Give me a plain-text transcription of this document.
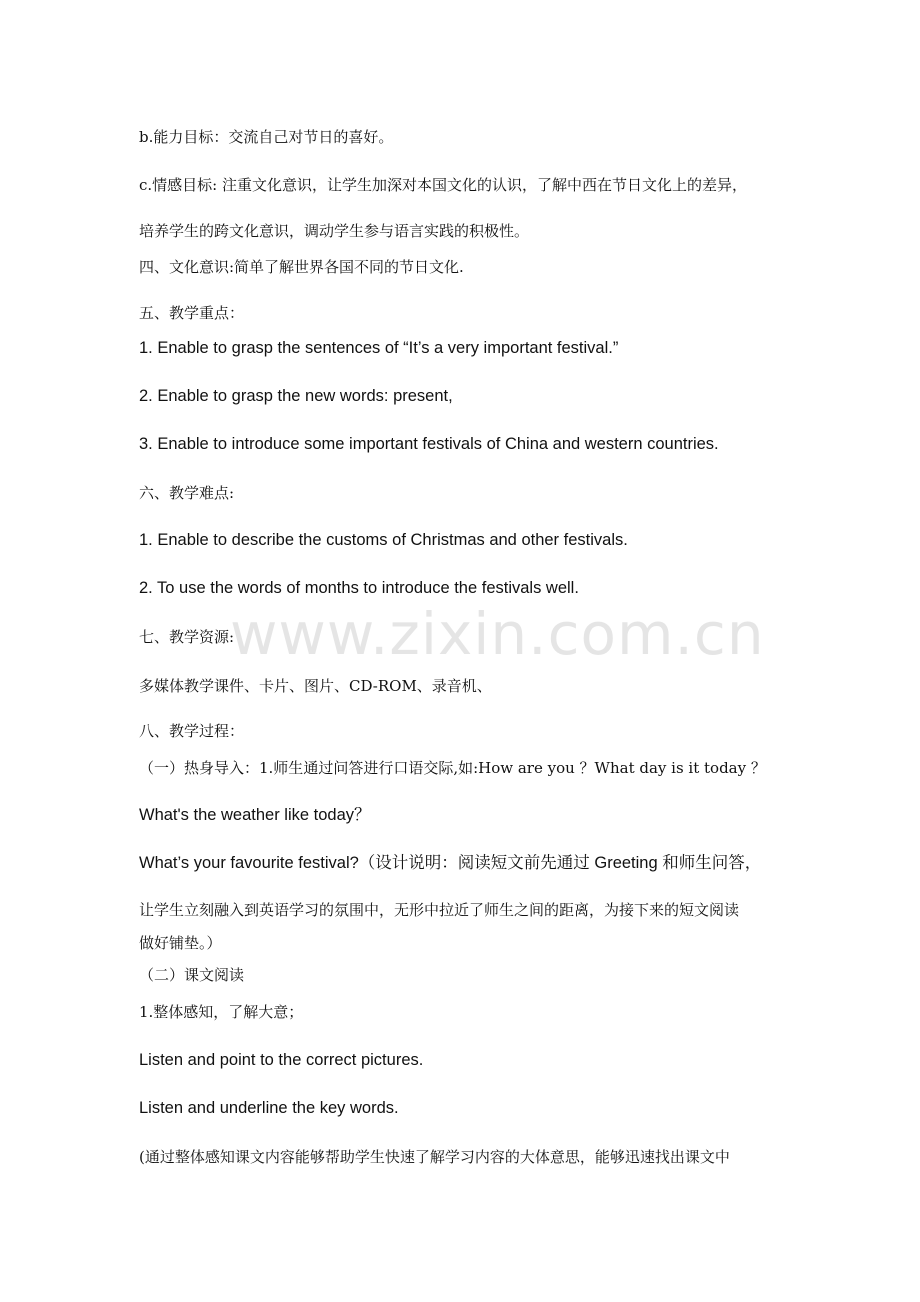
b.能力目标：交流自己对节日的喜好。
c.情感目标: 注重文化意识，让学生加深对本国文化的认识，了解中西在节日文化上的差异，
培养学生的跨文化意识，调动学生参与语言实践的积极性。
四、文化意识:简单了解世界各国不同的节日文化.
五、教学重点：
1. Enable to grasp the sentences of “It’s a very important festival.”
2. Enable to grasp the new words: present,
3. Enable to introduce some important festivals of China and western countries.
六、教学难点:
1. Enable to describe the customs of Christmas and other festivals.
2. To use the words of months to introduce the festivals well.
七、教学资源:
多媒体教学课件、卡片、图片、CD-ROM、录音机、
八、教学过程：
（一）热身导入：1.师生通过问答进行口语交际,如:How are you ？What day is it today ？
What's the weather like today？
What’s your favourite festival?（设计说明：阅读短文前先通过 Greeting 和师生问答，
让学生立刻融入到英语学习的氛围中，无形中拉近了师生之间的距离，为接下来的短文阅读
做好铺垫。）
（二）课文阅读
1.整体感知，了解大意；
Listen and point to the correct pictures.
Listen and underline the key words.
(通过整体感知课文内容能够帮助学生快速了解学习内容的大体意思，能够迅速找出课文中
www.zixin.com.cn
